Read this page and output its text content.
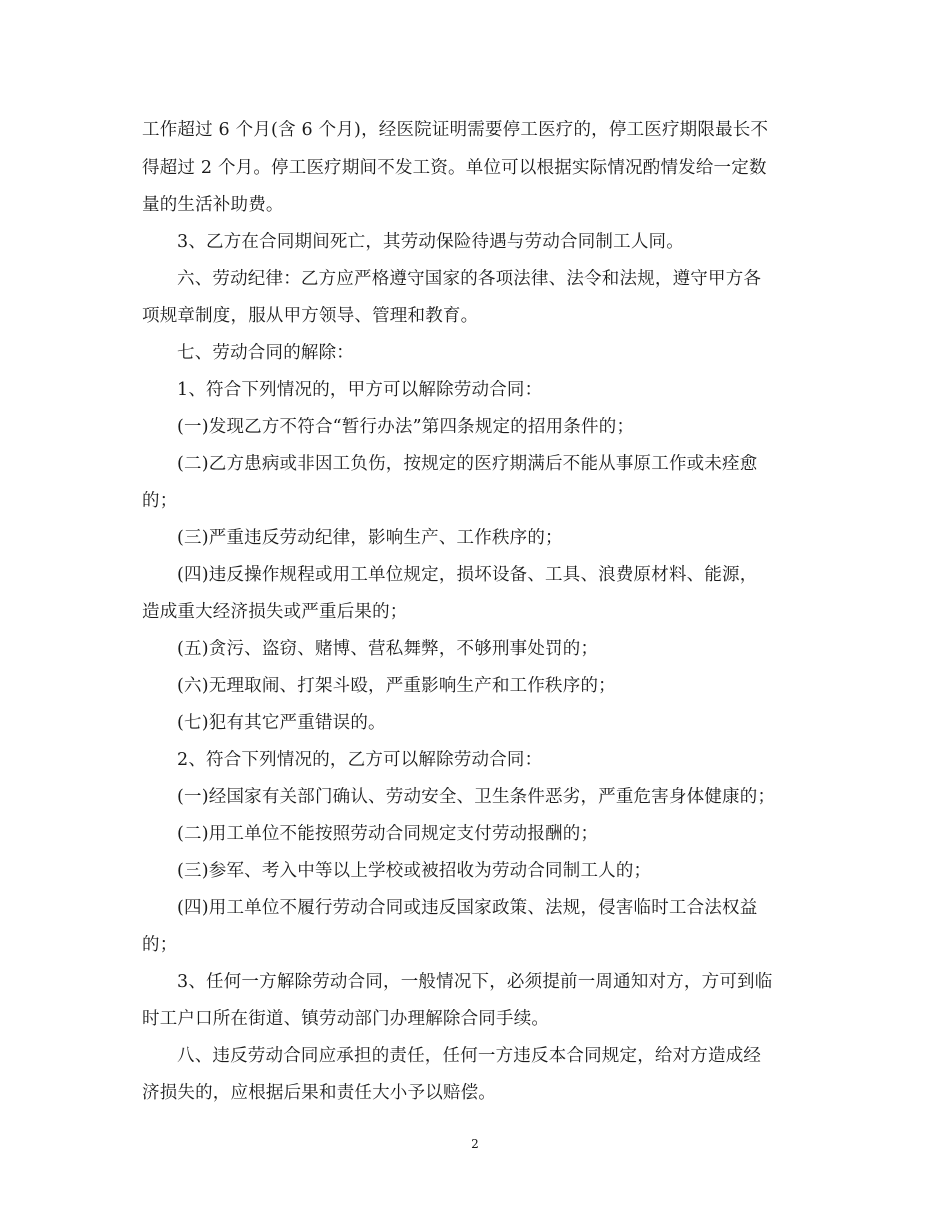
工作超过 6 个月(含 6 个月)，经医院证明需要停工医疗的，停工医疗期限最长不
得超过 2 个月。停工医疗期间不发工资。单位可以根据实际情况酌情发给一定数
量的生活补助费。
3、乙方在合同期间死亡，其劳动保险待遇与劳动合同制工人同。
六、劳动纪律：乙方应严格遵守国家的各项法律、法令和法规，遵守甲方各
项规章制度，服从甲方领导、管理和教育。
七、劳动合同的解除：
1、符合下列情况的，甲方可以解除劳动合同：
(一)发现乙方不符合“暂行办法”第四条规定的招用条件的；
(二)乙方患病或非因工负伤，按规定的医疗期满后不能从事原工作或未痊愈
的；
(三)严重违反劳动纪律，影响生产、工作秩序的；
(四)违反操作规程或用工单位规定，损坏设备、工具、浪费原材料、能源，
造成重大经济损失或严重后果的；
(五)贪污、盗窃、赌博、营私舞弊，不够刑事处罚的；
(六)无理取闹、打架斗殴，严重影响生产和工作秩序的；
(七)犯有其它严重错误的。
2、符合下列情况的，乙方可以解除劳动合同：
(一)经国家有关部门确认、劳动安全、卫生条件恶劣，严重危害身体健康的；
(二)用工单位不能按照劳动合同规定支付劳动报酬的；
(三)参军、考入中等以上学校或被招收为劳动合同制工人的；
(四)用工单位不履行劳动合同或违反国家政策、法规，侵害临时工合法权益
的；
3、任何一方解除劳动合同，一般情况下，必须提前一周通知对方，方可到临
时工户口所在街道、镇劳动部门办理解除合同手续。
八、违反劳动合同应承担的责任，任何一方违反本合同规定，给对方造成经
济损失的，应根据后果和责任大小予以赔偿。
2
